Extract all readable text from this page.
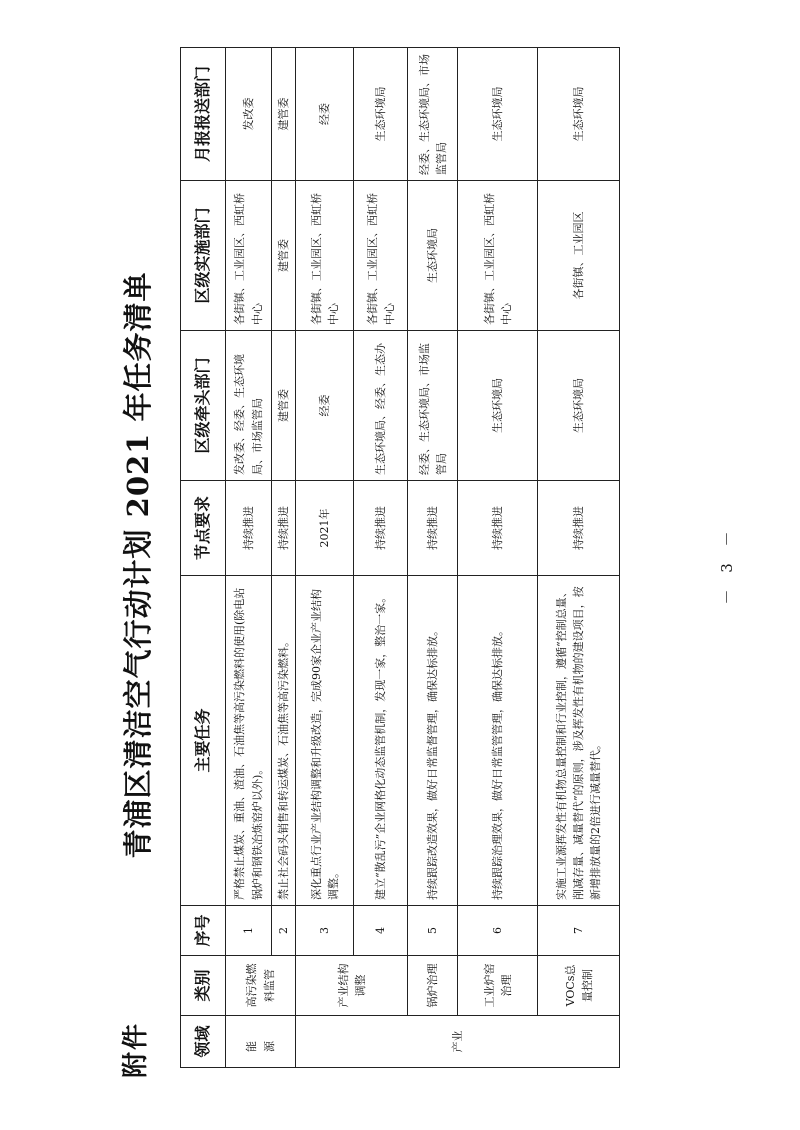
附件
青浦区清洁空气行动计划 2021 年任务清单
领域	类别	序号	主要任务	节点要求	区级牵头部门	区级实施部门	月报报送部门
能源	高污染燃料监管	1	严格禁止煤炭、重油、渣油、石油焦等高污染燃料的使用(除电站锅炉和钢铁冶炼窑炉以外)。	持续推进	发改委、经委、生态环境局、市场监管局	各街镇、工业园区、西虹桥中心	发改委
		2	禁止社会码头销售和转运煤炭、石油焦等高污染燃料。	持续推进	建管委	建管委	建管委
产业	产业结构调整	3	深化重点行业产业结构调整和升级改造，完成90家企业产业结构调整。	2021年	经委	各街镇、工业园区、西虹桥中心	经委
		4	建立“散乱污”企业网格化动态监管机制，发现一家，整治一家。	持续推进	生态环境局、经委、生态办	各街镇、工业园区、西虹桥中心	生态环境局
	锅炉治理	5	持续跟踪改造效果，做好日常监督管理，确保达标排放。	持续推进	经委、生态环境局、市场监管局	生态环境局	经委、生态环境局、市场监管局
	工业炉窑治理	6	持续跟踪治理效果，做好日常监管管理，确保达标排放。	持续推进	生态环境局	各街镇、工业园区、西虹桥中心	生态环境局
	VOCs总量控制	7	实施工业源挥发性有机物总量控制和行业控制，遵循“控制总量、削减存量、减量替代”的原则，涉及挥发性有机物的建设项目，按新增排放量的2倍进行减量替代。	持续推进	生态环境局	各街镇、工业园区	生态环境局
－ 3 －
